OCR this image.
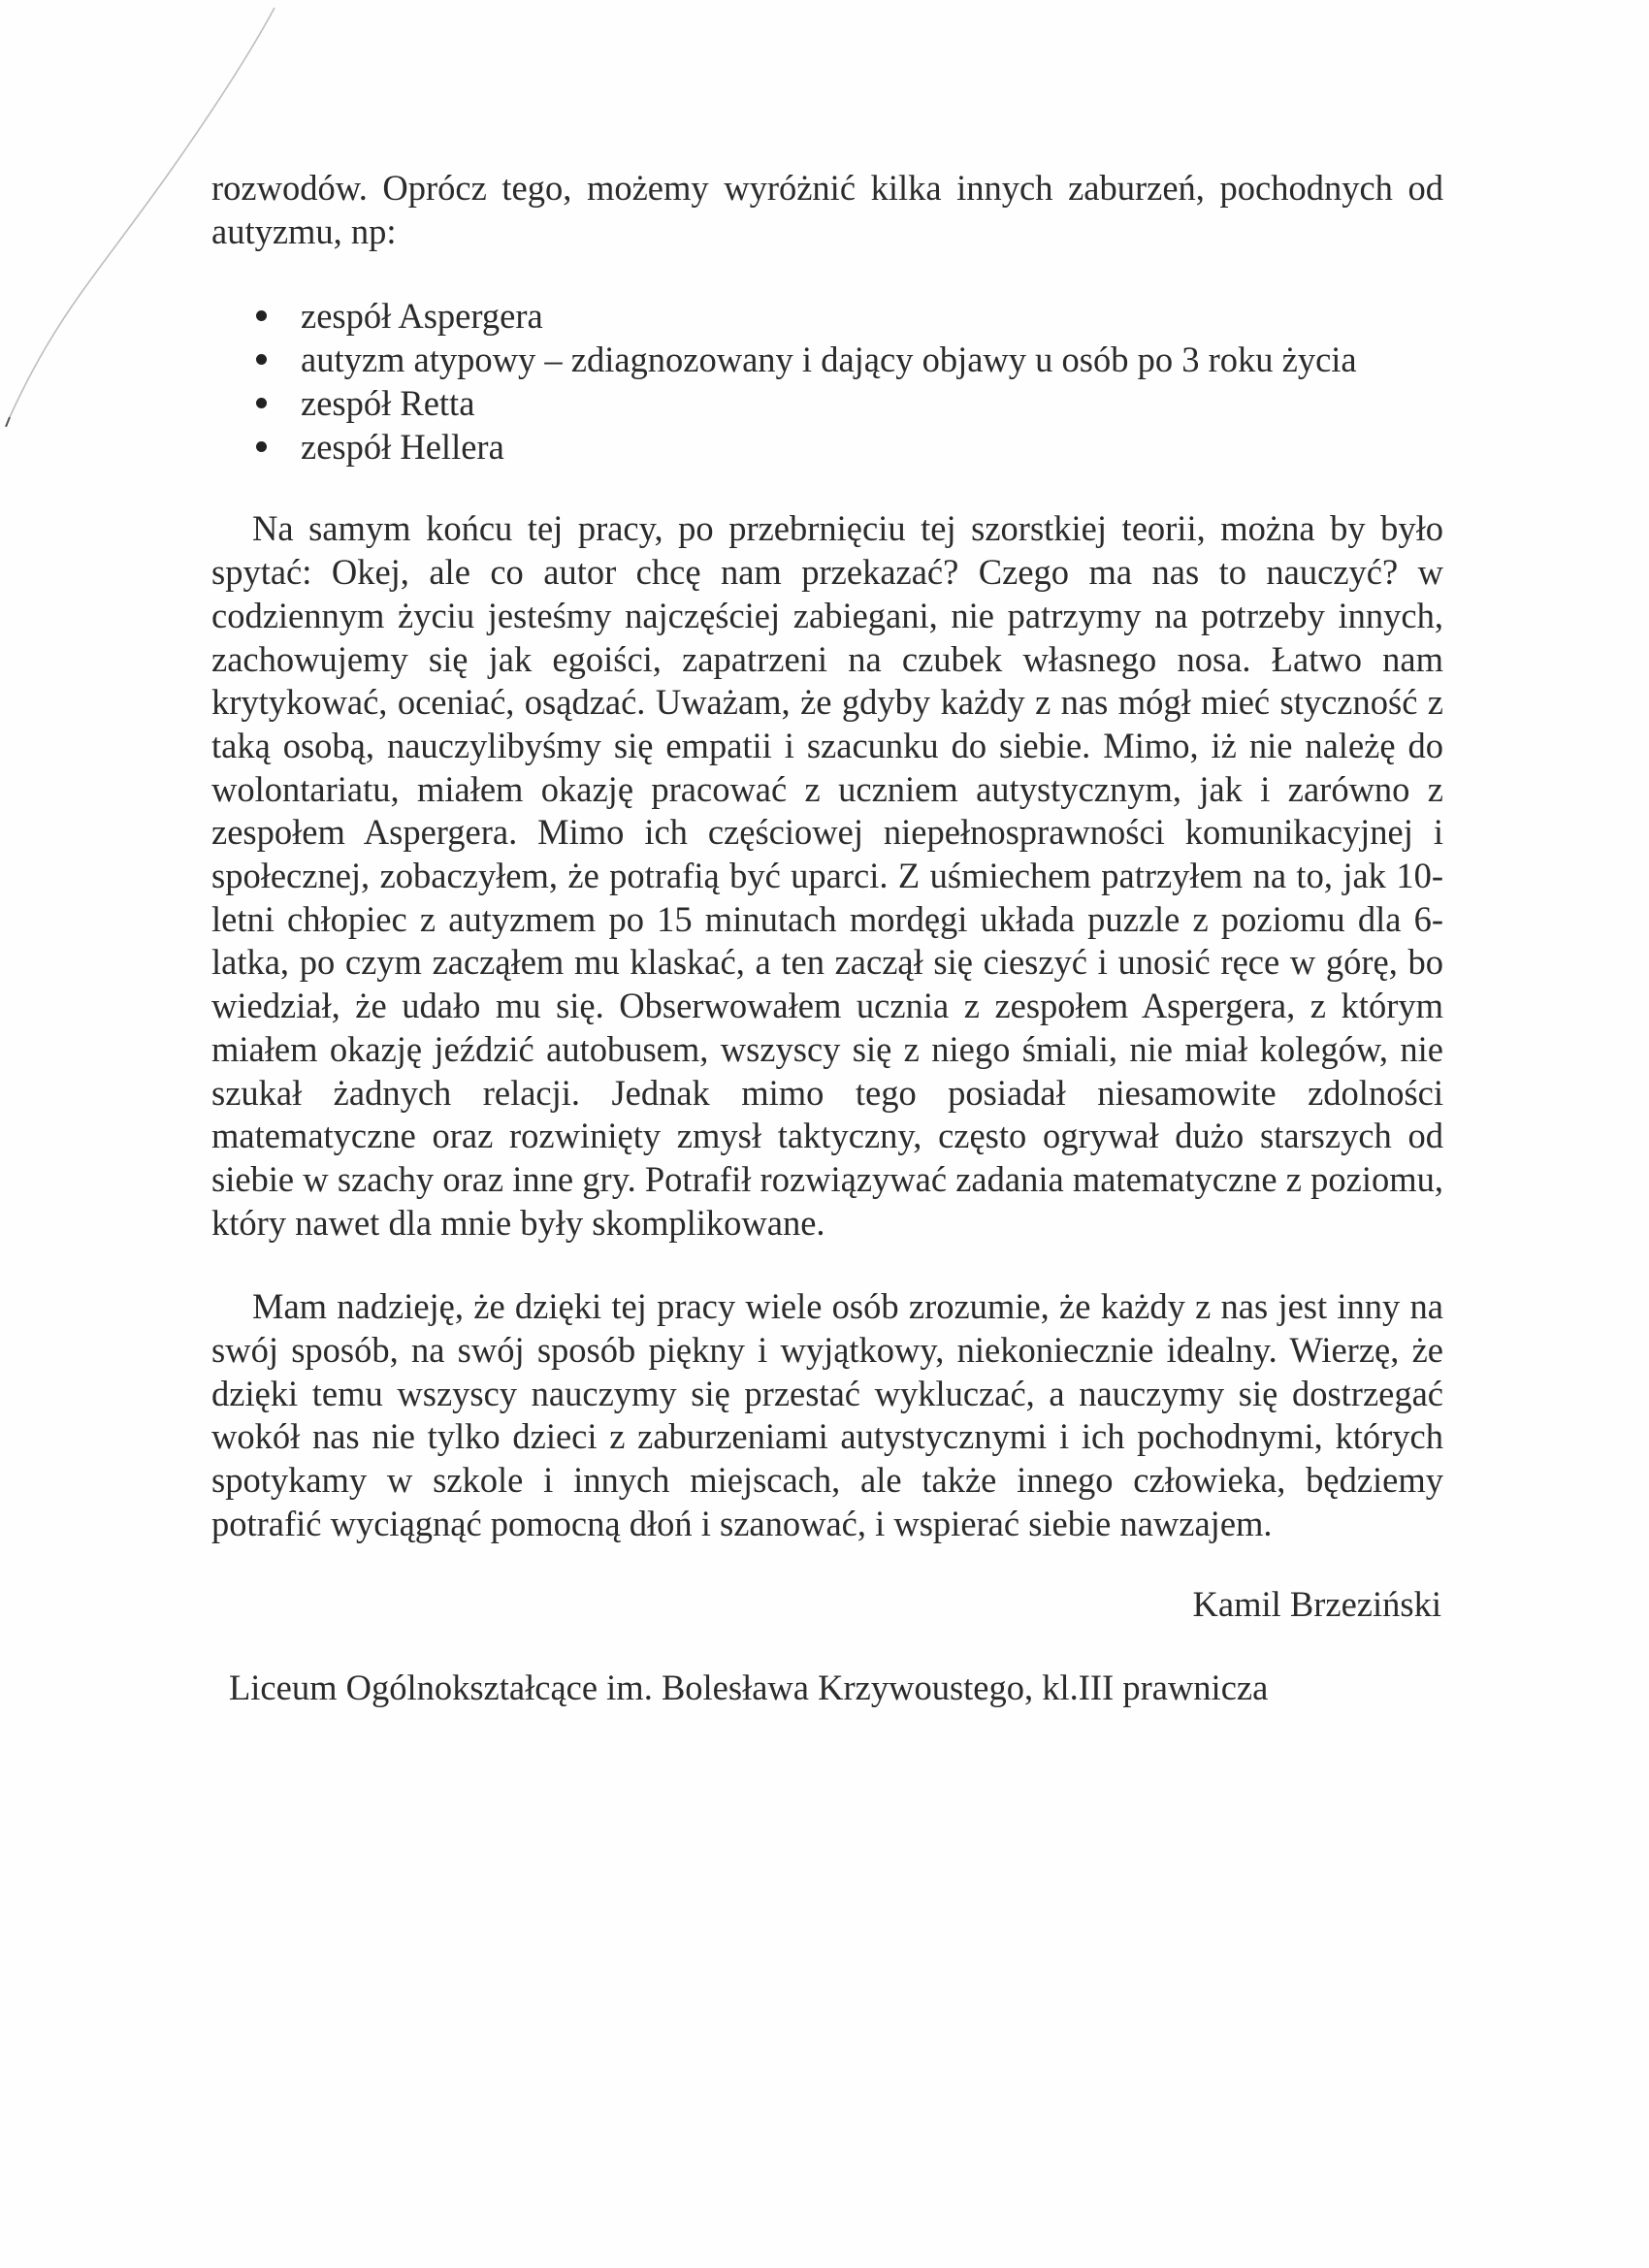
rozwodów. Oprócz tego, możemy wyróżnić kilka innych zaburzeń, pochodnych od autyzmu, np:

zespół Aspergera
autyzm atypowy – zdiagnozowany i dający objawy u osób po 3 roku życia
zespół Retta
zespół Hellera

Na samym końcu tej pracy, po przebrnięciu tej szorstkiej teorii, można by było spytać: Okej, ale co autor chcę nam przekazać? Czego ma nas to nauczyć? w codziennym życiu jesteśmy najczęściej zabiegani, nie patrzymy na potrzeby innych, zachowujemy się jak egoiści, zapatrzeni na czubek własnego nosa. Łatwo nam krytykować, oceniać, osądzać. Uważam, że gdyby każdy z nas mógł mieć styczność z taką osobą, nauczylibyśmy się empatii i szacunku do siebie. Mimo, iż nie należę do wolontariatu, miałem okazję pracować z uczniem autystycznym, jak i zarówno z zespołem Aspergera. Mimo ich częściowej niepełnosprawności komunikacyjnej i społecznej, zobaczyłem, że potrafią być uparci. Z uśmiechem patrzyłem na to, jak 10- letni chłopiec z autyzmem po 15 minutach mordęgi układa puzzle z poziomu dla 6-latka, po czym zacząłem mu klaskać, a ten zaczął się cieszyć i unosić ręce w górę, bo wiedział, że udało mu się. Obserwowałem ucznia z zespołem Aspergera, z którym miałem okazję jeździć autobusem, wszyscy się z niego śmiali, nie miał kolegów, nie szukał żadnych relacji. Jednak mimo tego posiadał niesamowite zdolności matematyczne oraz rozwinięty zmysł taktyczny, często ogrywał dużo starszych od siebie w szachy oraz inne gry. Potrafił rozwiązywać zadania matematyczne z poziomu, który nawet dla mnie były skomplikowane.

Mam nadzieję, że dzięki tej pracy wiele osób zrozumie, że każdy z nas jest inny na swój sposób, na swój sposób piękny i wyjątkowy, niekoniecznie idealny. Wierzę, że dzięki temu wszyscy nauczymy się przestać wykluczać, a nauczymy się dostrzegać wokół nas nie tylko dzieci z zaburzeniami autystycznymi i ich pochodnymi, których spotykamy w szkole i innych miejscach, ale także innego człowieka, będziemy potrafić wyciągnąć pomocną dłoń i szanować, i wspierać siebie nawzajem.

Kamil Brzeziński

Liceum Ogólnokształcące im. Bolesława Krzywoustego, kl.III prawnicza
